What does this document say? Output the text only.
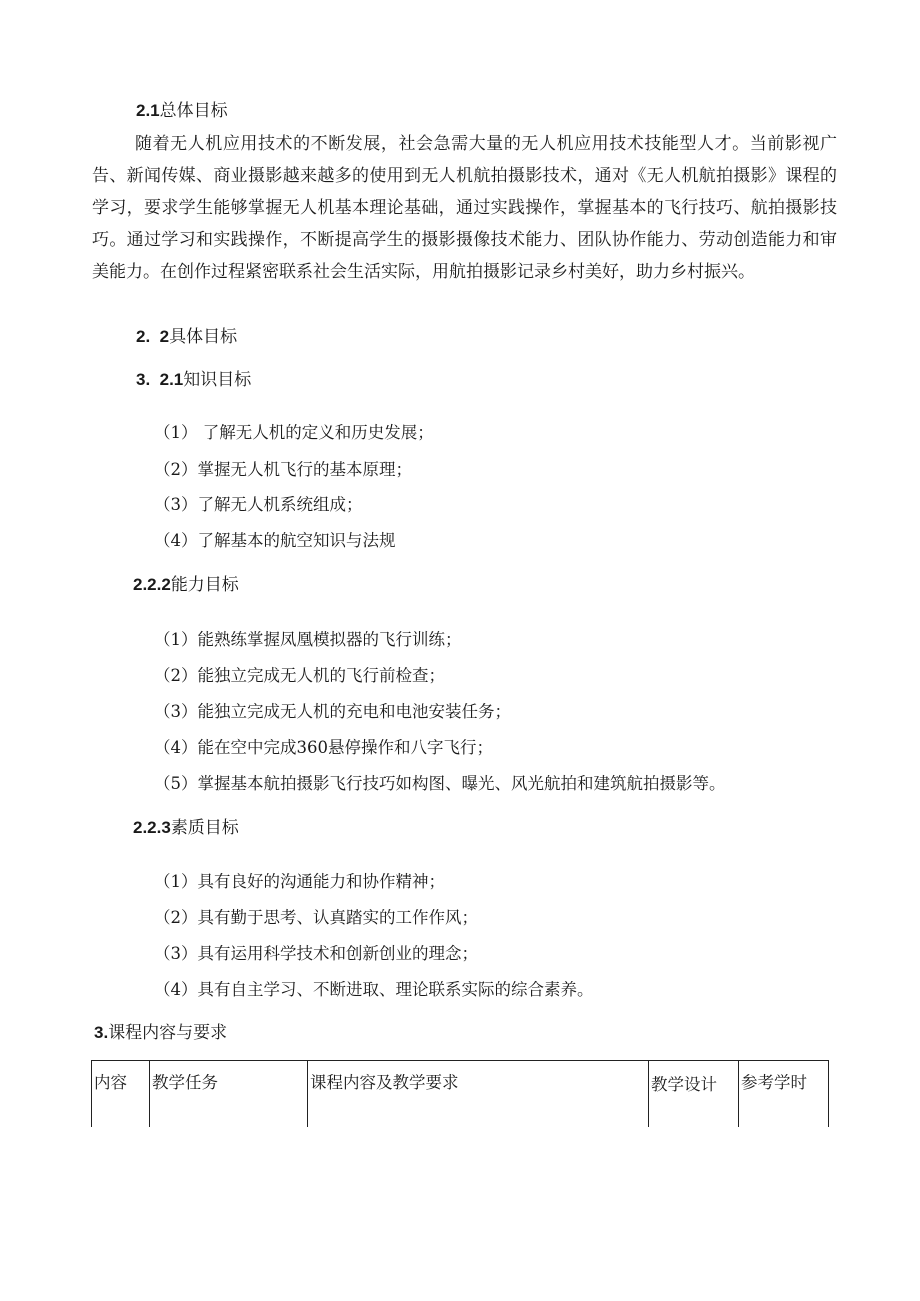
2.1总体目标
随着无人机应用技术的不断发展，社会急需大量的无人机应用技术技能型人才。当前影视广告、新闻传媒、商业摄影越来越多的使用到无人机航拍摄影技术，通对《无人机航拍摄影》课程的学习，要求学生能够掌握无人机基本理论基础，通过实践操作，掌握基本的飞行技巧、航拍摄影技巧。通过学习和实践操作，不断提高学生的摄影摄像技术能力、团队协作能力、劳动创造能力和审美能力。在创作过程紧密联系社会生活实际，用航拍摄影记录乡村美好，助力乡村振兴。
2.  2具体目标
3.  2.1知识目标
（1） 了解无人机的定义和历史发展；
（2）掌握无人机飞行的基本原理；
（3）了解无人机系统组成；
（4）了解基本的航空知识与法规
2.2.2能力目标
（1）能熟练掌握凤凰模拟器的飞行训练；
（2）能独立完成无人机的飞行前检查；
（3）能独立完成无人机的充电和电池安装任务；
（4）能在空中完成360悬停操作和八字飞行；
（5）掌握基本航拍摄影飞行技巧如构图、曝光、风光航拍和建筑航拍摄影等。
2.2.3素质目标
（1）具有良好的沟通能力和协作精神；
（2）具有勤于思考、认真踏实的工作作风；
（3）具有运用科学技术和创新创业的理念；
（4）具有自主学习、不断进取、理论联系实际的综合素养。
3.课程内容与要求
内容	教学任务	课程内容及教学要求	教学设计	参考学时
